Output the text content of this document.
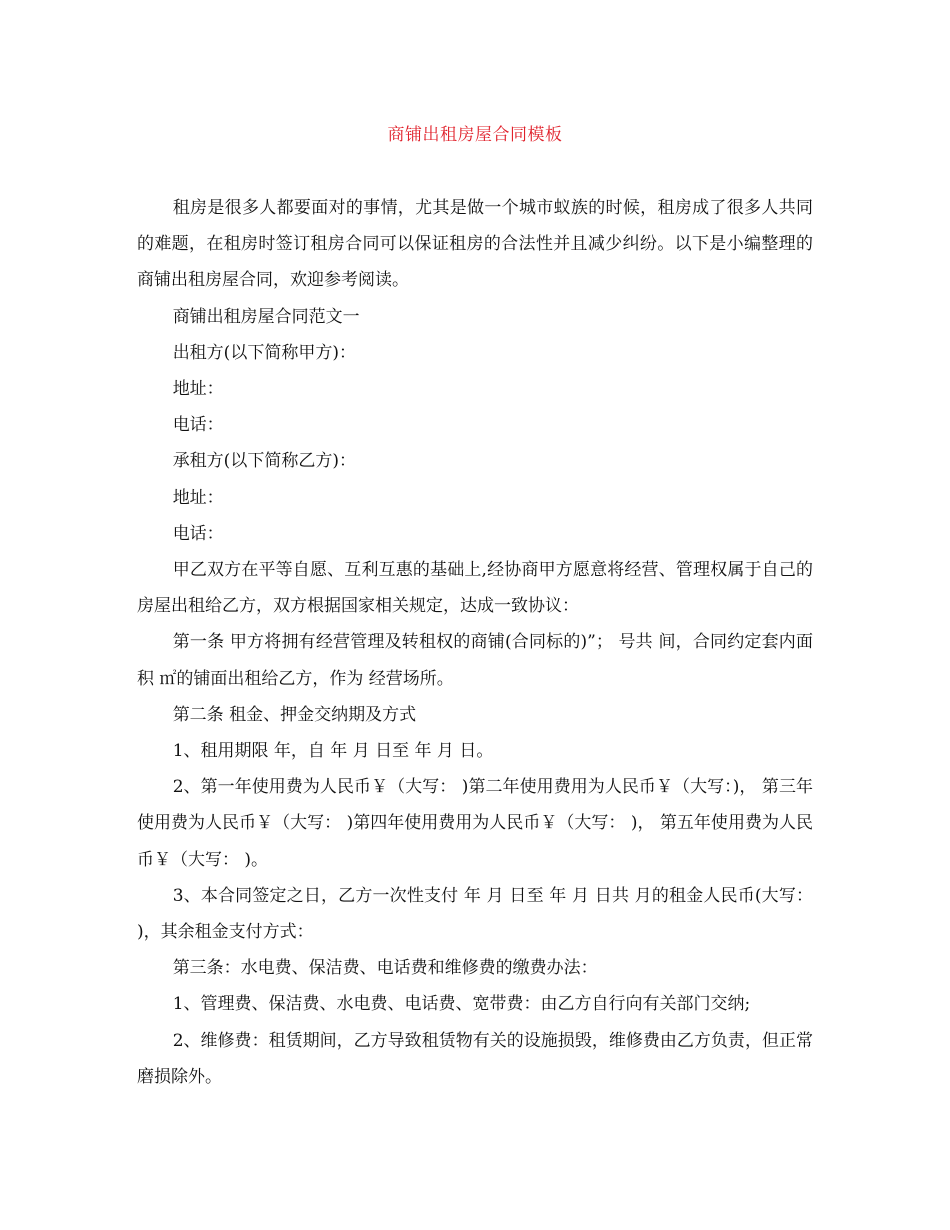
商铺出租房屋合同模板

租房是很多人都要面对的事情，尤其是做一个城市蚁族的时候，租房成了很多人共同的难题，在租房时签订租房合同可以保证租房的合法性并且减少纠纷。以下是小编整理的商铺出租房屋合同，欢迎参考阅读。

商铺出租房屋合同范文一

出租方(以下简称甲方)：

地址：

电话：

承租方(以下简称乙方)：

地址：

电话：

甲乙双方在平等自愿、互利互惠的基础上,经协商甲方愿意将经营、管理权属于自己的房屋出租给乙方，双方根据国家相关规定，达成一致协议：

第一条 甲方将拥有经营管理及转租权的商铺(合同标的)”； 号共 间，合同约定套内面积 ㎡的铺面出租给乙方，作为 经营场所。

第二条 租金、押金交纳期及方式

1、租用期限 年，自 年 月 日至 年 月 日。

2、第一年使用费为人民币￥（大写： )第二年使用费用为人民币￥（大写：)， 第三年使用费为人民币￥（大写： )第四年使用费用为人民币￥（大写： )， 第五年使用费为人民币￥（大写： )。

3、本合同签定之日，乙方一次性支付 年 月 日至 年 月 日共 月的租金人民币(大写： )，其余租金支付方式：

第三条：水电费、保洁费、电话费和维修费的缴费办法：

1、管理费、保洁费、水电费、电话费、宽带费：由乙方自行向有关部门交纳;

2、维修费：租赁期间，乙方导致租赁物有关的设施损毁，维修费由乙方负责，但正常磨损除外。
